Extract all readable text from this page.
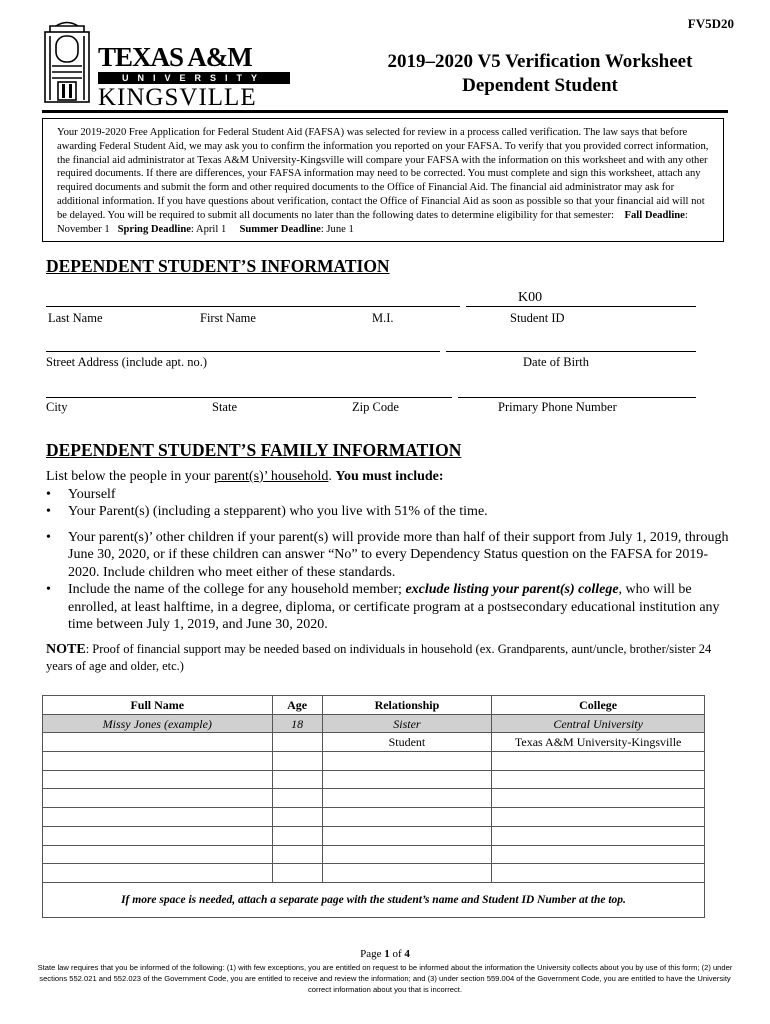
FV5D20
TEXAS A&M
UNIVERSITY
KINGSVILLE
2019–2020 V5 Verification Worksheet
Dependent Student

Your 2019-2020 Free Application for Federal Student Aid (FAFSA) was selected for review in a process called verification. The law says that before awarding Federal Student Aid, we may ask you to confirm the information you reported on your FAFSA. To verify that you provided correct information, the financial aid administrator at Texas A&M University-Kingsville will compare your FAFSA with the information on this worksheet and with any other required documents. If there are differences, your FAFSA information may need to be corrected. You must complete and sign this worksheet, attach any required documents and submit the form and other required documents to the Office of Financial Aid. The financial aid administrator may ask for additional information. If you have questions about verification, contact the Office of Financial Aid as soon as possible so that your financial aid will not be delayed. You will be required to submit all documents no later than the following dates to determine eligibility for that semester: Fall Deadline: November 1 Spring Deadline: April 1 Summer Deadline: June 1

DEPENDENT STUDENT’S INFORMATION
K00
Last Name	First Name	M.I.	Student ID
Street Address (include apt. no.)	Date of Birth
City	State	Zip Code	Primary Phone Number
DEPENDENT STUDENT’S FAMILY INFORMATION
List below the people in your parent(s)’ household. You must include:
• Yourself
• Your Parent(s) (including a stepparent) who you live with 51% of the time.
• Your parent(s)’ other children if your parent(s) will provide more than half of their support from July 1, 2019, through June 30, 2020, or if these children can answer “No” to every Dependency Status question on the FAFSA for 2019-2020. Include children who meet either of these standards.
• Include the name of the college for any household member; exclude listing your parent(s) college, who will be enrolled, at least halftime, in a degree, diploma, or certificate program at a postsecondary educational institution any time between July 1, 2019, and June 30, 2020.
NOTE: Proof of financial support may be needed based on individuals in household (ex. Grandparents, aunt/uncle, brother/sister 24 years of age and older, etc.)
Full Name	Age	Relationship	College
Missy Jones (example)	18	Sister	Central University
		Student	Texas A&M University-Kingsville

If more space is needed, attach a separate page with the student’s name and Student ID Number at the top.			
Page 1 of 4
State law requires that you be informed of the following: (1) with few exceptions, you are entitled on request to be informed about the information the University collects about you by use of this form; (2) under sections 552.021 and 552.023 of the Government Code, you are entitled to receive and review the information; and (3) under section 559.004 of the Government Code, you are entitled to have the University correct information about you that is incorrect.
